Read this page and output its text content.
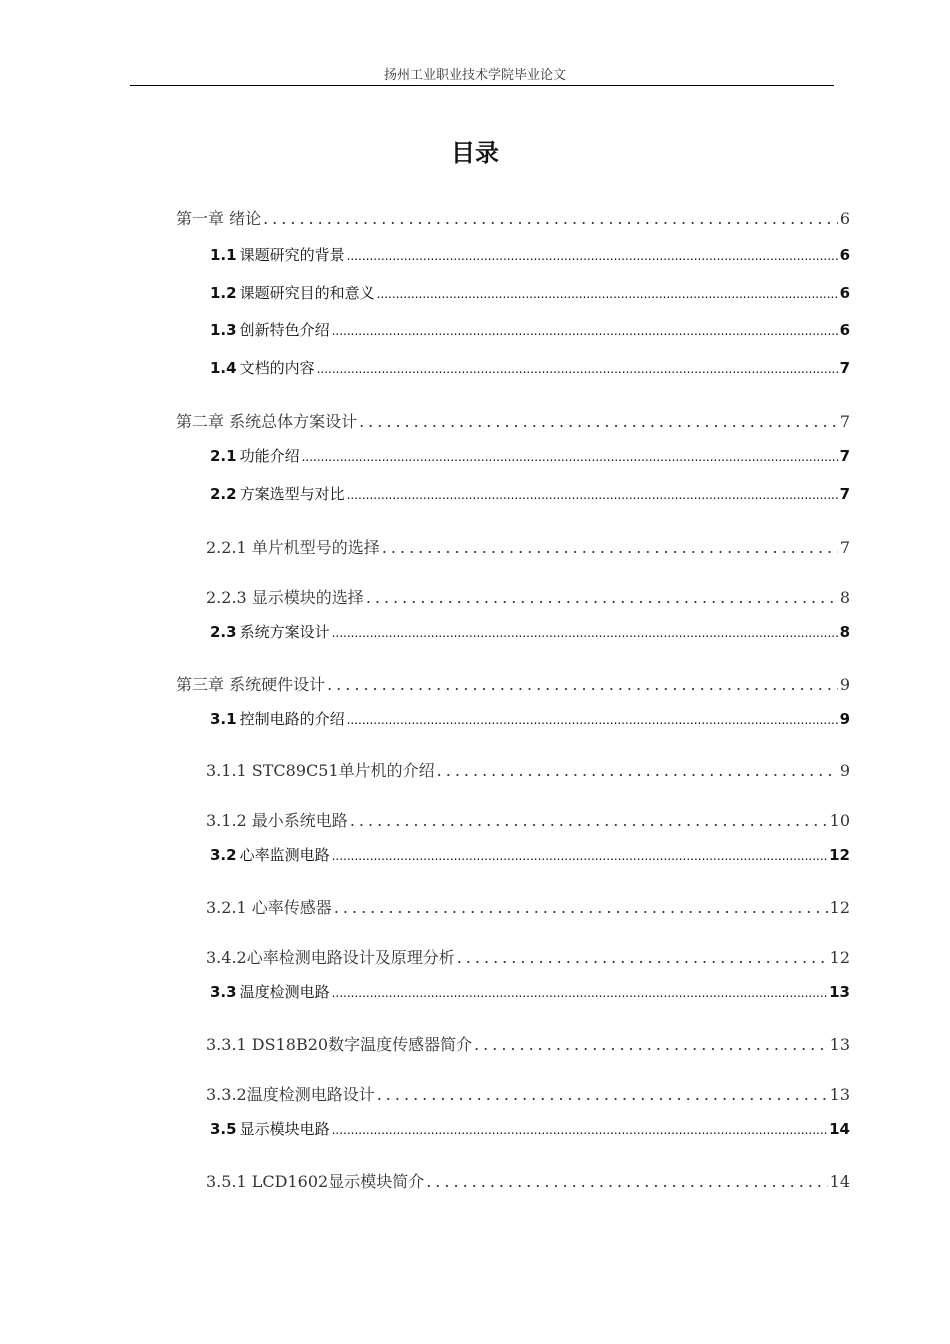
扬州工业职业技术学院毕业论文
目录
第一章 绪论 .....	6
1.1 课题研究的背景 .....	6
1.2 课题研究目的和意义 .....	6
1.3 创新特色介绍 .....	6
1.4 文档的内容 .....	7
第二章 系统总体方案设计 .....	7
2.1 功能介绍 .....	7
2.2 方案选型与对比 .....	7
2.2.1 单片机型号的选择 .....	7
2.2.3 显示模块的选择 .....	8
2.3 系统方案设计 .....	8
第三章 系统硬件设计 .....	9
3.1 控制电路的介绍 .....	9
3.1.1 STC89C51单片机的介绍 .....	9
3.1.2 最小系统电路 .....	10
3.2 心率监测电路 .....	12
3.2.1 心率传感器 .....	12
3.4.2心率检测电路设计及原理分析 .....	12
3.3 温度检测电路 .....	13
3.3.1 DS18B20数字温度传感器简介 .....	13
3.3.2温度检测电路设计 .....	13
3.5 显示模块电路 .....	14
3.5.1 LCD1602显示模块简介 .....	14
